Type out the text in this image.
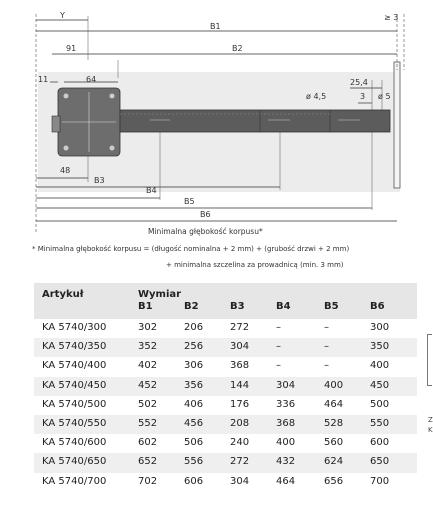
Y
B1
≥ 3
91	B2
11	64	25,4
ø 4,5	3 ø 5
48
B3
B4
B5
B6
Minimalna głębokość korpusu*
* Minimalna głębokość korpusu = (długość nominalna + 2 mm) + (grubość drzwi + 2 mm)
+ minimalna szczelina za prowadnicą (min. 3 mm)
Artykuł	Wymiar
B1	B2	B3	B4	B5	B6
KA 5740/300	302	206	272	–	–	300
KA 5740/350	352	256	304	–	–	350
KA 5740/400	402	306	368	–	–	400
KA 5740/450	452	356	144	304	400	450
KA 5740/500	502	406	176	336	464	500
KA 5740/550	552	456	208	368	528	550
KA 5740/600	602	506	240	400	560	600
KA 5740/650	652	556	272	432	624	650
KA 5740/700	702	606	304	464	656	700
Z
K
